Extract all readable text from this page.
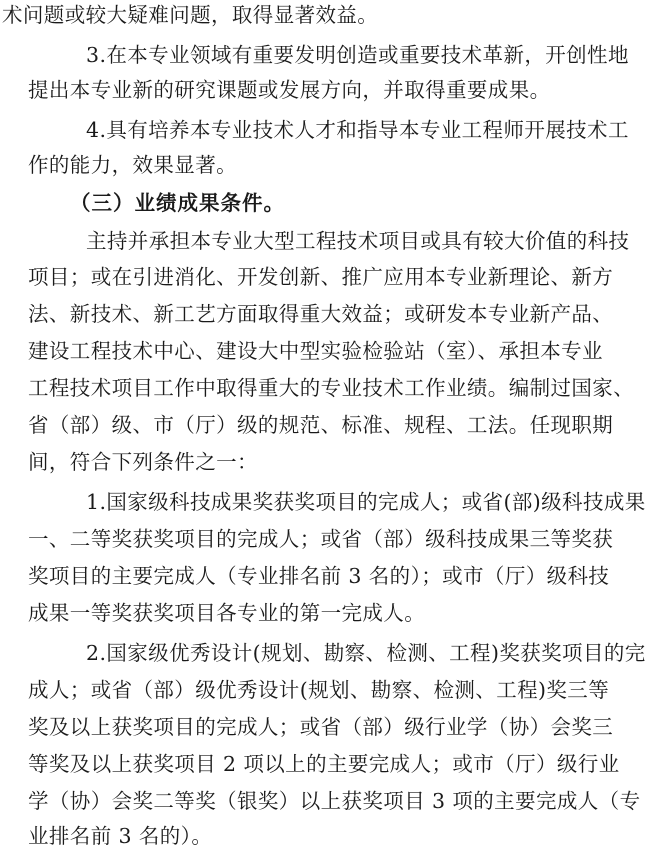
术问题或较大疑难问题，取得显著效益。
3.在本专业领域有重要发明创造或重要技术革新，开创性地
提出本专业新的研究课题或发展方向，并取得重要成果。
4.具有培养本专业技术人才和指导本专业工程师开展技术工
作的能力，效果显著。
（三）业绩成果条件。
主持并承担本专业大型工程技术项目或具有较大价值的科技
项目；或在引进消化、开发创新、推广应用本专业新理论、新方
法、新技术、新工艺方面取得重大效益；或研发本专业新产品、
建设工程技术中心、建设大中型实验检验站（室）、承担本专业
工程技术项目工作中取得重大的专业技术工作业绩。编制过国家、
省（部）级、市（厅）级的规范、标准、规程、工法。任现职期
间，符合下列条件之一：
1.国家级科技成果奖获奖项目的完成人；或省(部)级科技成果
一、二等奖获奖项目的完成人；或省（部）级科技成果三等奖获
奖项目的主要完成人（专业排名前 3 名的）；或市（厅）级科技
成果一等奖获奖项目各专业的第一完成人。
2.国家级优秀设计(规划、勘察、检测、工程)奖获奖项目的完
成人；或省（部）级优秀设计(规划、勘察、检测、工程)奖三等
奖及以上获奖项目的完成人；或省（部）级行业学（协）会奖三
等奖及以上获奖项目 2 项以上的主要完成人；或市（厅）级行业
学（协）会奖二等奖（银奖）以上获奖项目 3 项的主要完成人（专
业排名前 3 名的）。
